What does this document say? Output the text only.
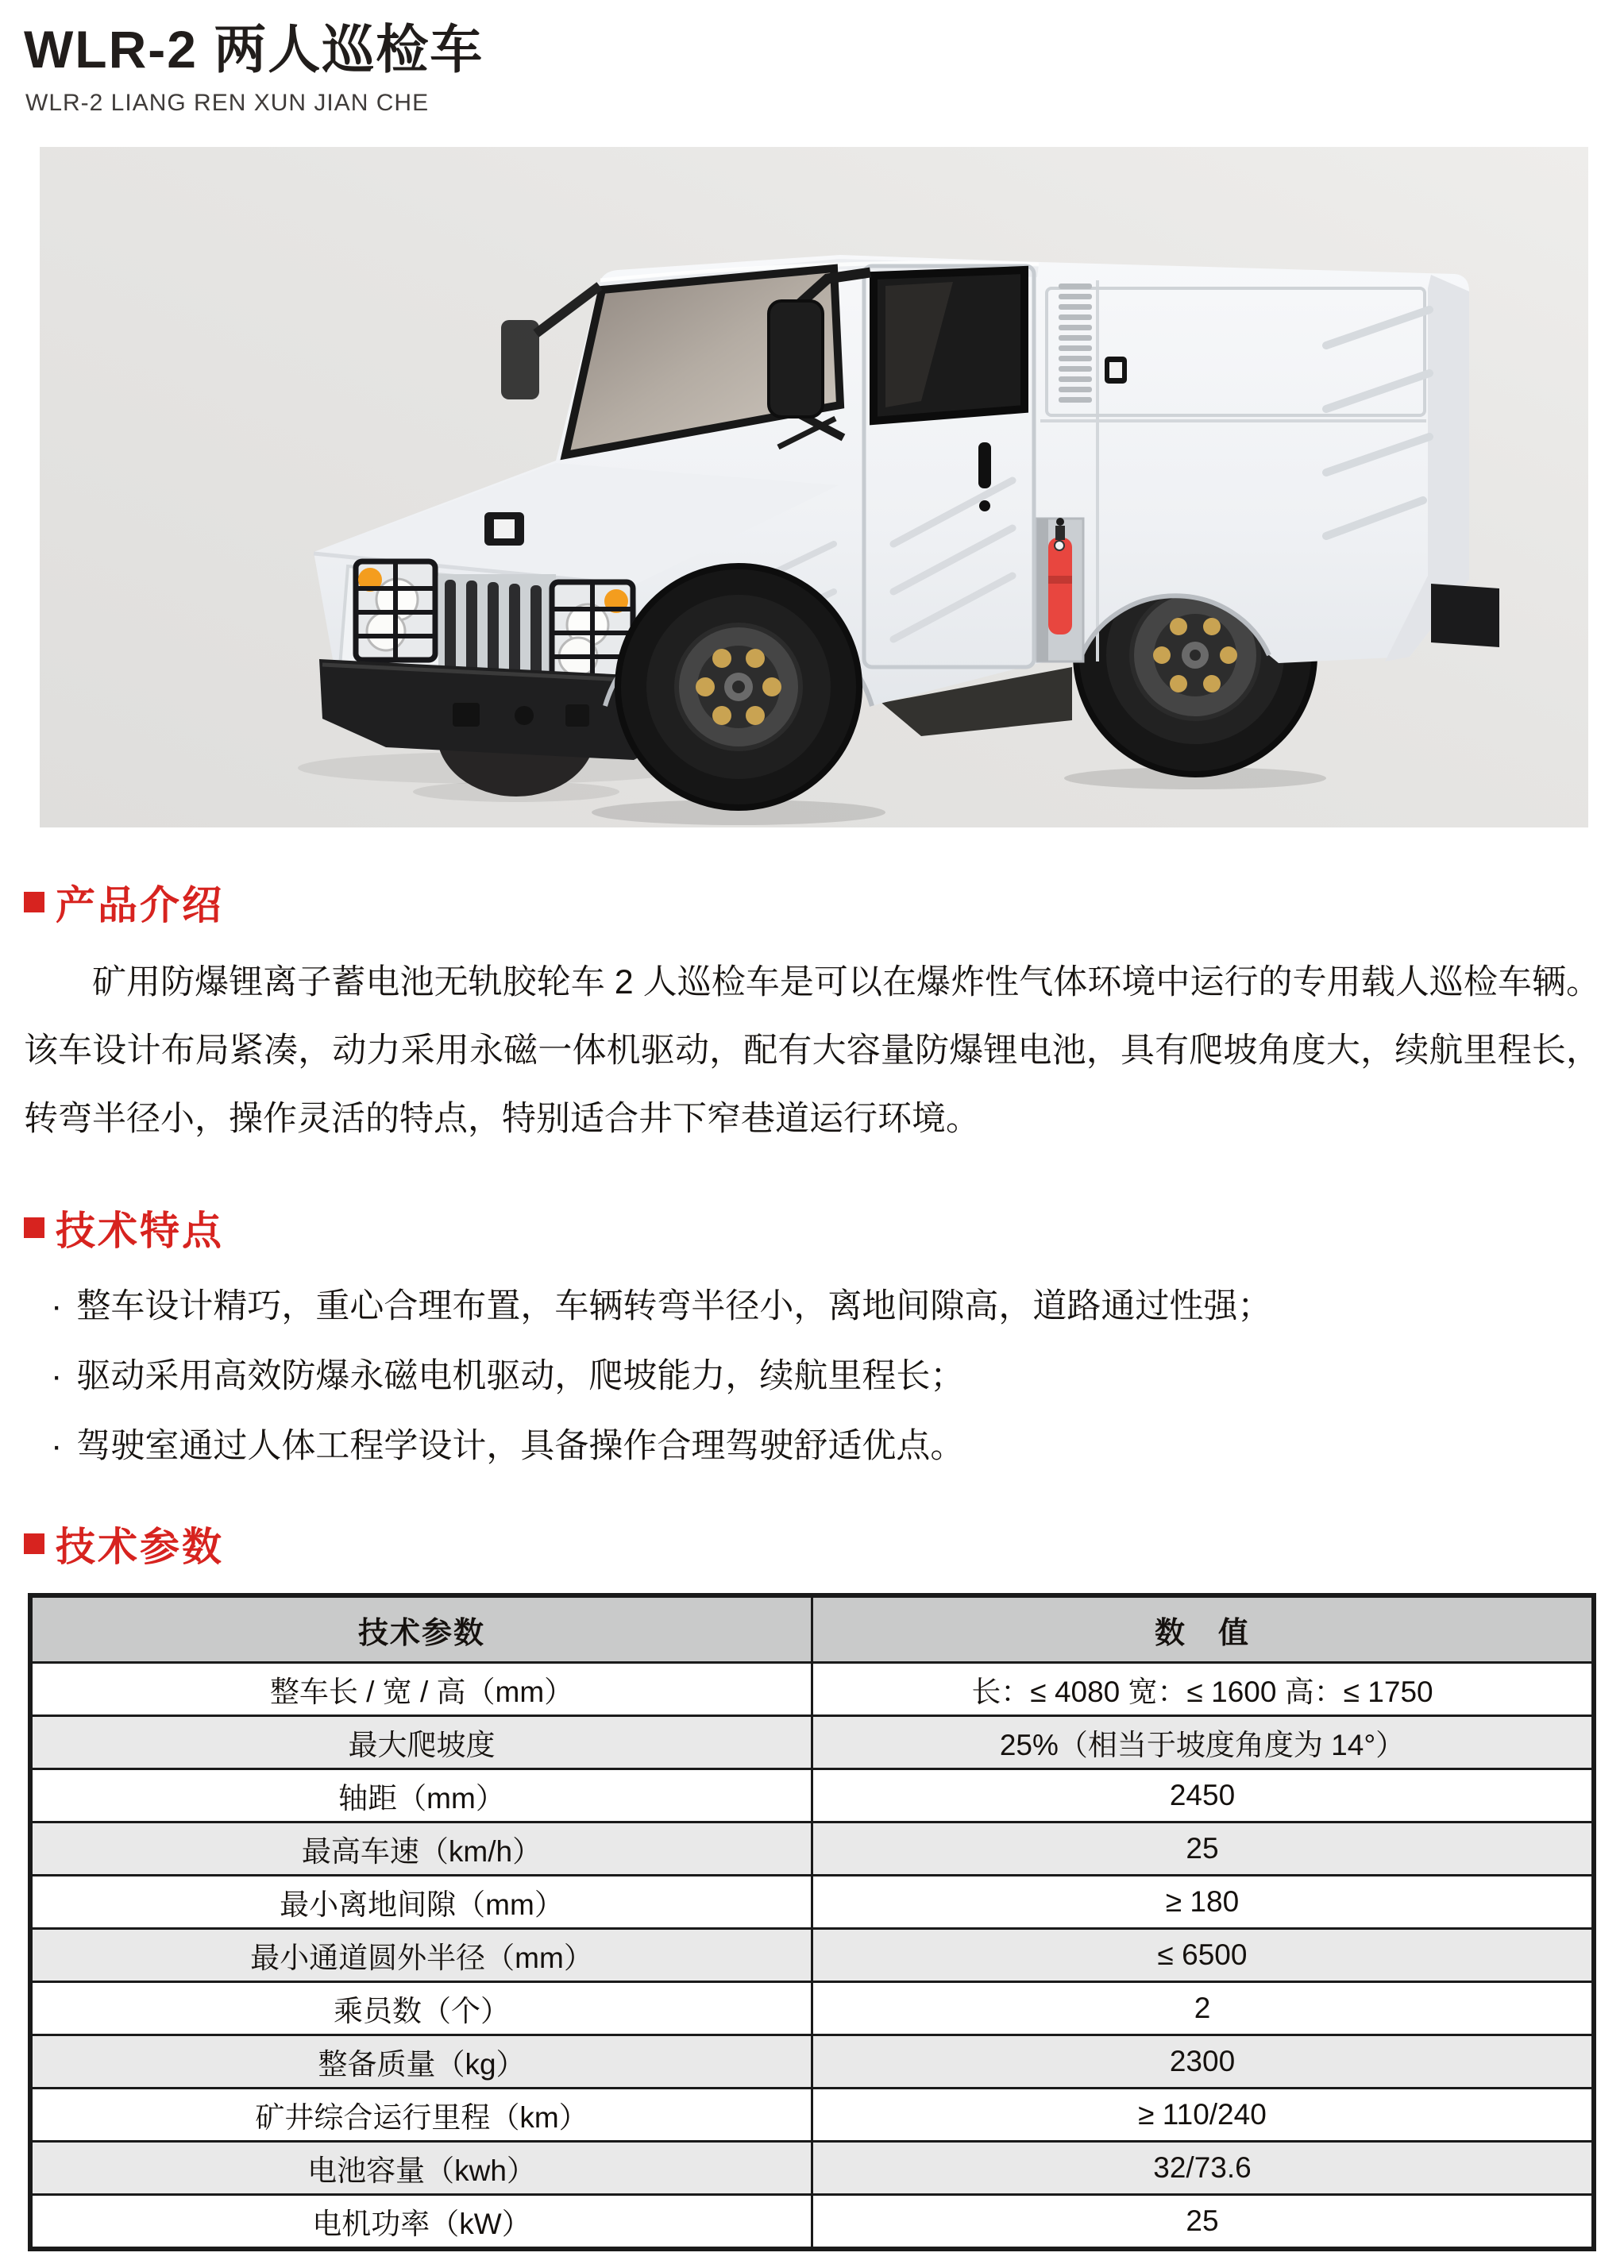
WLR-2 两人巡检车
WLR-2 LIANG REN XUN JIAN CHE
产品介绍

矿用防爆锂离子蓄电池无轨胶轮车 2 人巡检车是可以在爆炸性气体环境中运行的专用载人巡检车辆。该车设计布局紧凑，动力采用永磁一体机驱动，配有大容量防爆锂电池，具有爬坡角度大，续航里程长，转弯半径小，操作灵活的特点，特别适合井下窄巷道运行环境。

技术特点
· 整车设计精巧，重心合理布置，车辆转弯半径小，离地间隙高，道路通过性强；
· 驱动采用高效防爆永磁电机驱动，爬坡能力，续航里程长；
· 驾驶室通过人体工程学设计，具备操作合理驾驶舒适优点。
技术参数
技术参数	数　值
整车长 / 宽 / 高（mm）	长：≤ 4080 宽：≤ 1600 高：≤ 1750
最大爬坡度	25%（相当于坡度角度为 14°）
轴距（mm）	2450
最高车速（km/h）	25
最小离地间隙（mm）	≥ 180
最小通道圆外半径（mm）	≤ 6500
乘员数（个）	2
整备质量（kg）	2300
矿井综合运行里程（km）	≥ 110/240
电池容量（kwh）	32/73.6
电机功率（kW）	25
